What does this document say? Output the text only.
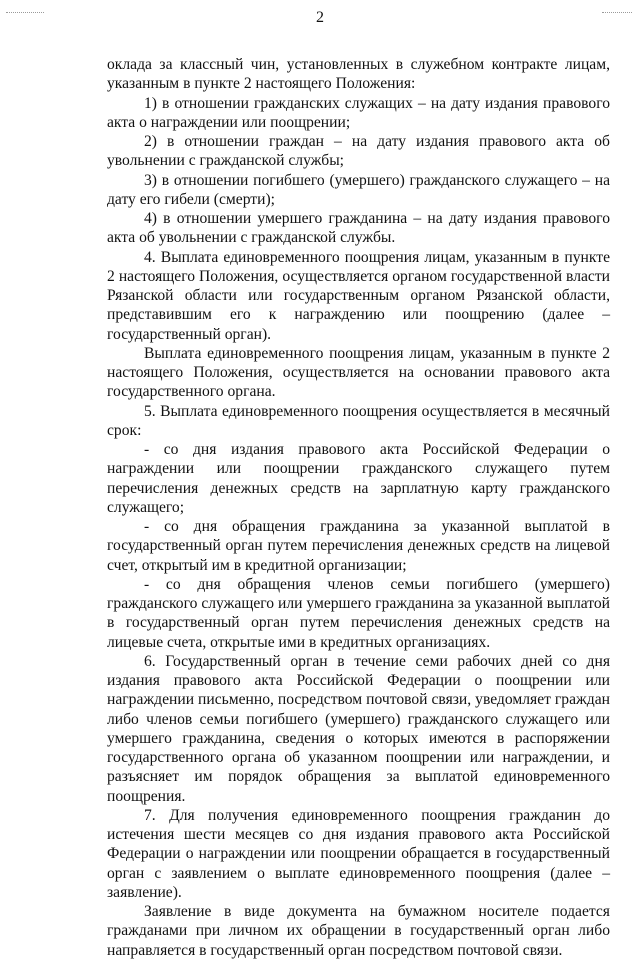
2

оклада за классный чин, установленных в служебном контракте лицам, указанным в пункте 2 настоящего Положения:

1) в отношении гражданских служащих – на дату издания правового акта о награждении или поощрении;

2) в отношении граждан – на дату издания правового акта об увольнении с гражданской службы;

3) в отношении погибшего (умершего) гражданского служащего – на дату его гибели (смерти);

4) в отношении умершего гражданина – на дату издания правового акта об увольнении с гражданской службы.

4. Выплата единовременного поощрения лицам, указанным в пункте 2 настоящего Положения, осуществляется органом государственной власти Рязанской области или государственным органом Рязанской области, представившим его к награждению или поощрению (далее – государственный орган).

Выплата единовременного поощрения лицам, указанным в пункте 2 настоящего Положения, осуществляется на основании правового акта государственного органа.

5. Выплата единовременного поощрения осуществляется в месячный срок:

- со дня издания правового акта Российской Федерации о награждении или поощрении гражданского служащего путем перечисления денежных средств на зарплатную карту гражданского служащего;

- со дня обращения гражданина за указанной выплатой в государственный орган путем перечисления денежных средств на лицевой счет, открытый им в кредитной организации;

- со дня обращения членов семьи погибшего (умершего) гражданского служащего или умершего гражданина за указанной выплатой в государственный орган путем перечисления денежных средств на лицевые счета, открытые ими в кредитных организациях.

6. Государственный орган в течение семи рабочих дней со дня издания правового акта Российской Федерации о поощрении или награждении письменно, посредством почтовой связи, уведомляет граждан либо членов семьи погибшего (умершего) гражданского служащего или умершего гражданина, сведения о которых имеются в распоряжении государственного органа об указанном поощрении или награждении, и разъясняет им порядок обращения за выплатой единовременного поощрения.

7. Для получения единовременного поощрения гражданин до истечения шести месяцев со дня издания правового акта Российской Федерации о награждении или поощрении обращается в государственный орган с заявлением о выплате единовременного поощрения (далее – заявление).

Заявление в виде документа на бумажном носителе подается гражданами при личном их обращении в государственный орган либо направляется в государственный орган посредством почтовой связи.
